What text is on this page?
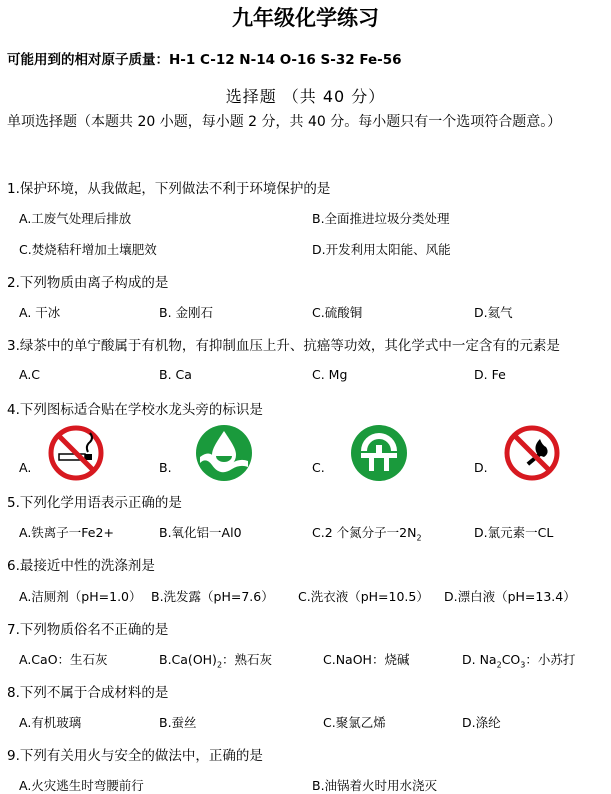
九年级化学练习
可能用到的相对原子质量：H-1 C-12 N-14 O-16 S-32 Fe-56
选择题 （共 40 分）
单项选择题（本题共 20 小题，每小题 2 分，共 40 分。每小题只有一个选项符合题意。）
1.保护环境，从我做起，下列做法不利于环境保护的是
A.工废气处理后排放	B.全面推进垃圾分类处理
C.焚烧秸秆增加土壤肥效	D.开发利用太阳能、风能
2.下列物质由离子构成的是
A. 干冰	B. 金刚石	C.硫酸铜	D.氦气
3.绿茶中的单宁酸属于有机物，有抑制血压上升、抗癌等功效，其化学式中一定含有的元素是
A.C	B. Ca	C. Mg	D. Fe
4.下列图标适合贴在学校水龙头旁的标识是
A.	B.	C.	D.
5.下列化学用语表示正确的是
A.铁离子一Fe2+	B.氧化铝一Al0	C.2 个氮分子一$2N_2$	D.氯元素一CL
6.最接近中性的洗涤剂是
A.洁厕剂（pH=1.0） B.洗发露（pH=7.6） C.洗衣液（pH=10.5） D.漂白液（pH=13.4）
7.下列物质俗名不正确的是
A.CaO：生石灰	$B.Ca(OH)_2$：熟石灰	C.NaOH：烧碱	D. $Na_2CO_3$：小苏打
8.下列不属于合成材料的是
A.有机玻璃	B.蚕丝	C.聚氯乙烯	D.涤纶
9.下列有关用火与安全的做法中，正确的是
A.火灾逃生时弯腰前行	B.油锅着火时用水浇灭
